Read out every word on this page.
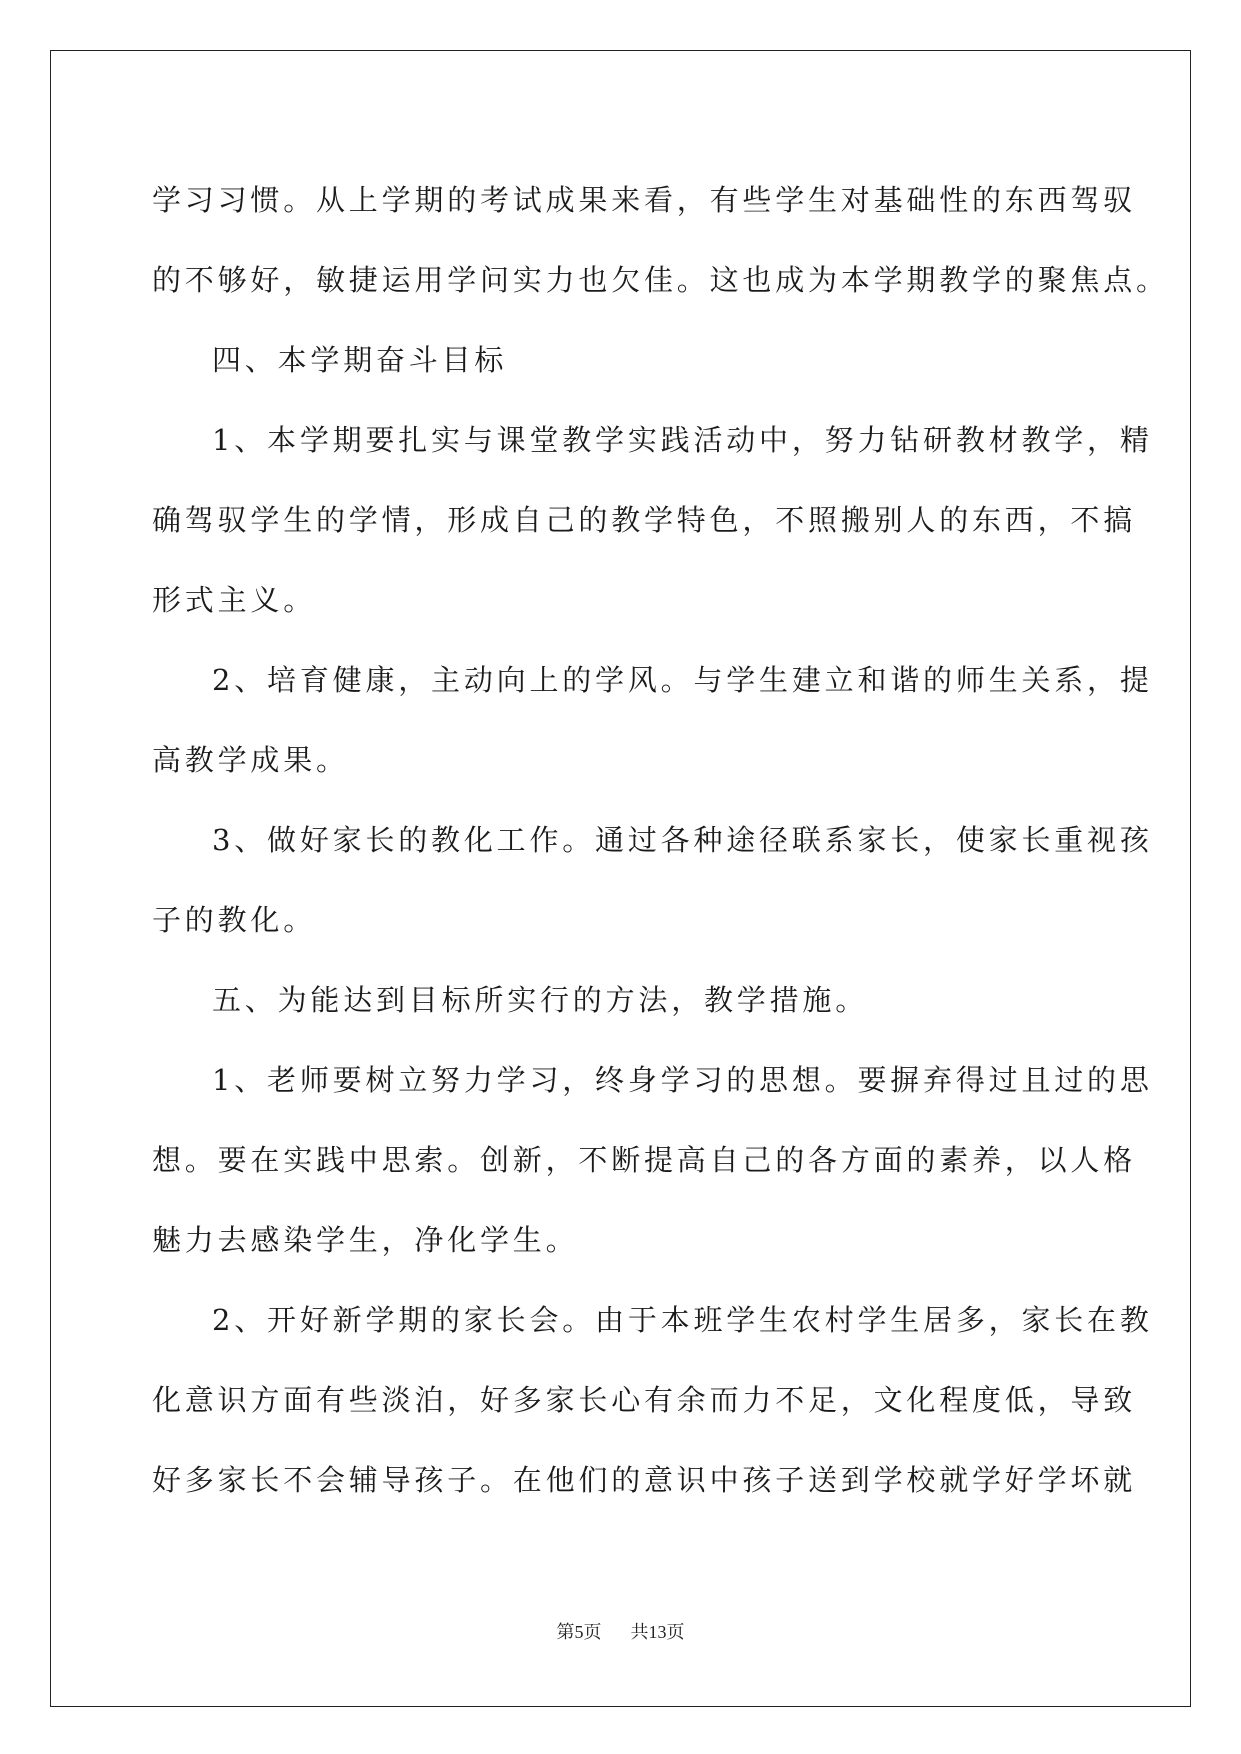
学习习惯。从上学期的考试成果来看，有些学生对基础性的东西驾驭
的不够好，敏捷运用学问实力也欠佳。这也成为本学期教学的聚焦点。
四、本学期奋斗目标
1、本学期要扎实与课堂教学实践活动中，努力钻研教材教学，精
确驾驭学生的学情，形成自己的教学特色，不照搬别人的东西，不搞
形式主义。
2、培育健康，主动向上的学风。与学生建立和谐的师生关系，提
高教学成果。
3、做好家长的教化工作。通过各种途径联系家长，使家长重视孩
子的教化。
五、为能达到目标所实行的方法，教学措施。
1、老师要树立努力学习，终身学习的思想。要摒弃得过且过的思
想。要在实践中思索。创新，不断提高自己的各方面的素养，以人格
魅力去感染学生，净化学生。
2、开好新学期的家长会。由于本班学生农村学生居多，家长在教
化意识方面有些淡泊，好多家长心有余而力不足，文化程度低，导致
好多家长不会辅导孩子。在他们的意识中孩子送到学校就学好学坏就
第5页 共13页
